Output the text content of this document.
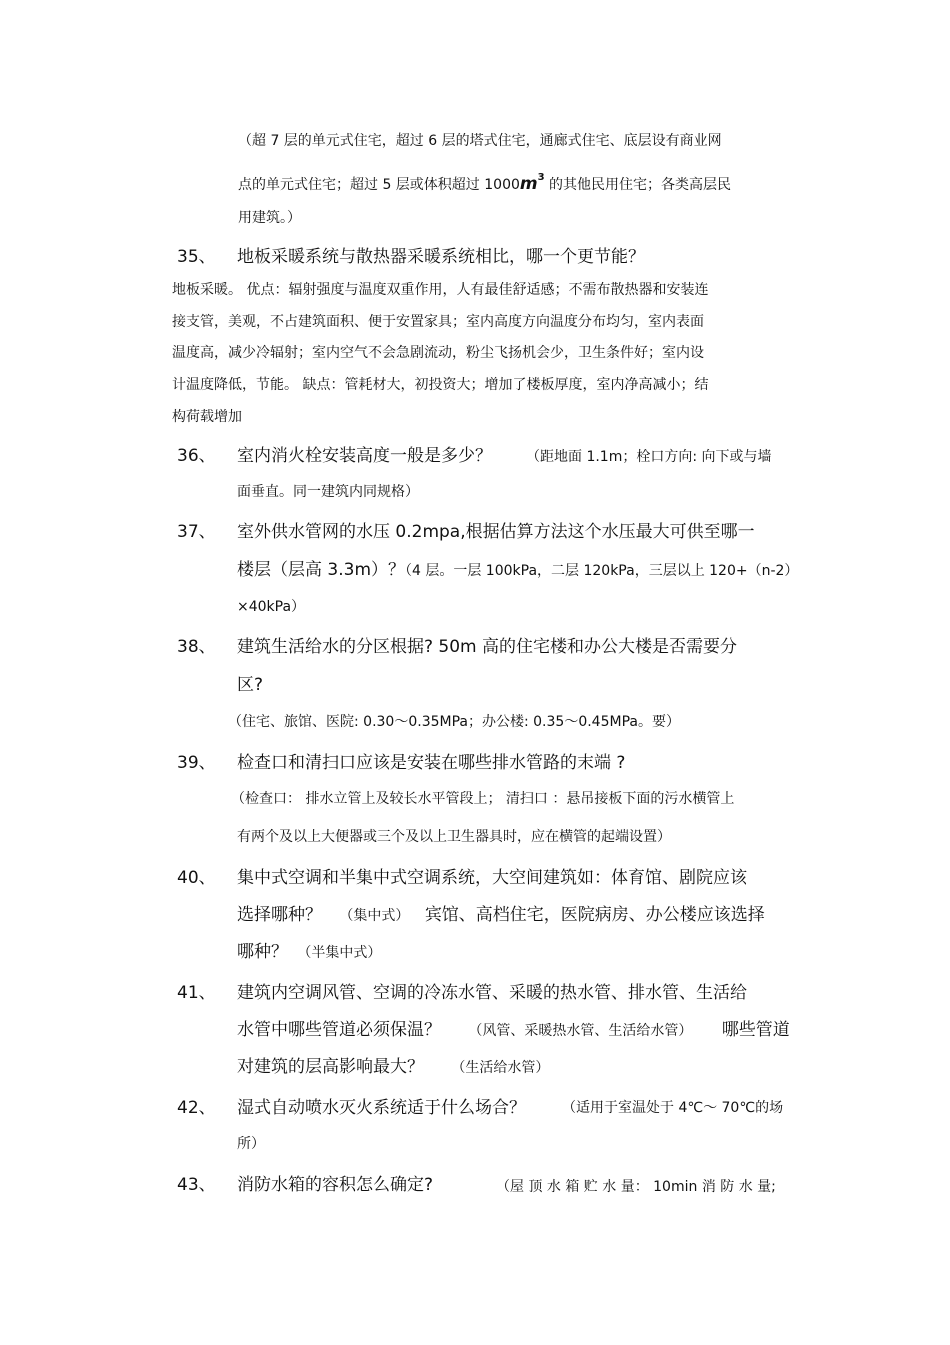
（超 7 层的单元式住宅，超过 6 层的塔式住宅，通廊式住宅、底层设有商业网
点的单元式住宅；超过 5 层或体积超过 $1000m^3$ 的其他民用住宅；各类高层民
用建筑。）
35、 地板采暖系统与散热器采暖系统相比，哪一个更节能？
地板采暖。 优点：辐射强度与温度双重作用，人有最佳舒适感；不需布散热器和安装连
接支管，美观，不占建筑面积、便于安置家具；室内高度方向温度分布均匀，室内表面
温度高，减少冷辐射；室内空气不会急剧流动，粉尘飞扬机会少，卫生条件好；室内设
计温度降低，节能。 缺点：管耗材大，初投资大；增加了楼板厚度，室内净高减小；结
构荷载增加
36、 室内消火栓安装高度一般是多少？ （距地面 1.1m；栓口方向: 向下或与墙
面垂直。同一建筑内同规格）
37、 室外供水管网的水压 0.2mpa,根据估算方法这个水压最大可供至哪一
楼层（层高 3.3m）？
（4 层。一层 100kPa，二层 120kPa，三层以上 120+（n-2）
×40kPa）
38、 建筑生活给水的分区根据? 50m 高的住宅楼和办公大楼是否需要分
区?
（住宅、旅馆、医院: 0.30～0.35MPa；办公楼: 0.35～0.45MPa。要）
39、 检查口和清扫口应该是安装在哪些排水管路的末端 ?
（检查口： 排水立管上及较长水平管段上； 清扫口 ：悬吊接板下面的污水横管上
有两个及以上大便器或三个及以上卫生器具时，应在横管的起端设置）
40、 集中式空调和半集中式空调系统，大空间建筑如：体育馆、剧院应该
选择哪种？ （集中式） 宾馆、高档住宅，医院病房、办公楼应该选择
哪种？ （半集中式）
41、 建筑内空调风管、空调的冷冻水管、采暖的热水管、排水管、生活给
水管中哪些管道必须保温？ （风管、采暖热水管、生活给水管） 哪些管道
对建筑的层高影响最大？ （生活给水管）
42、 湿式自动喷水灭火系统适于什么场合？	（适用于室温处于 4℃～ 70℃的场
所）
43、 消防水箱的容积怎么确定?	（屋 顶 水 箱 贮 水 量： 10min 消 防 水 量;
